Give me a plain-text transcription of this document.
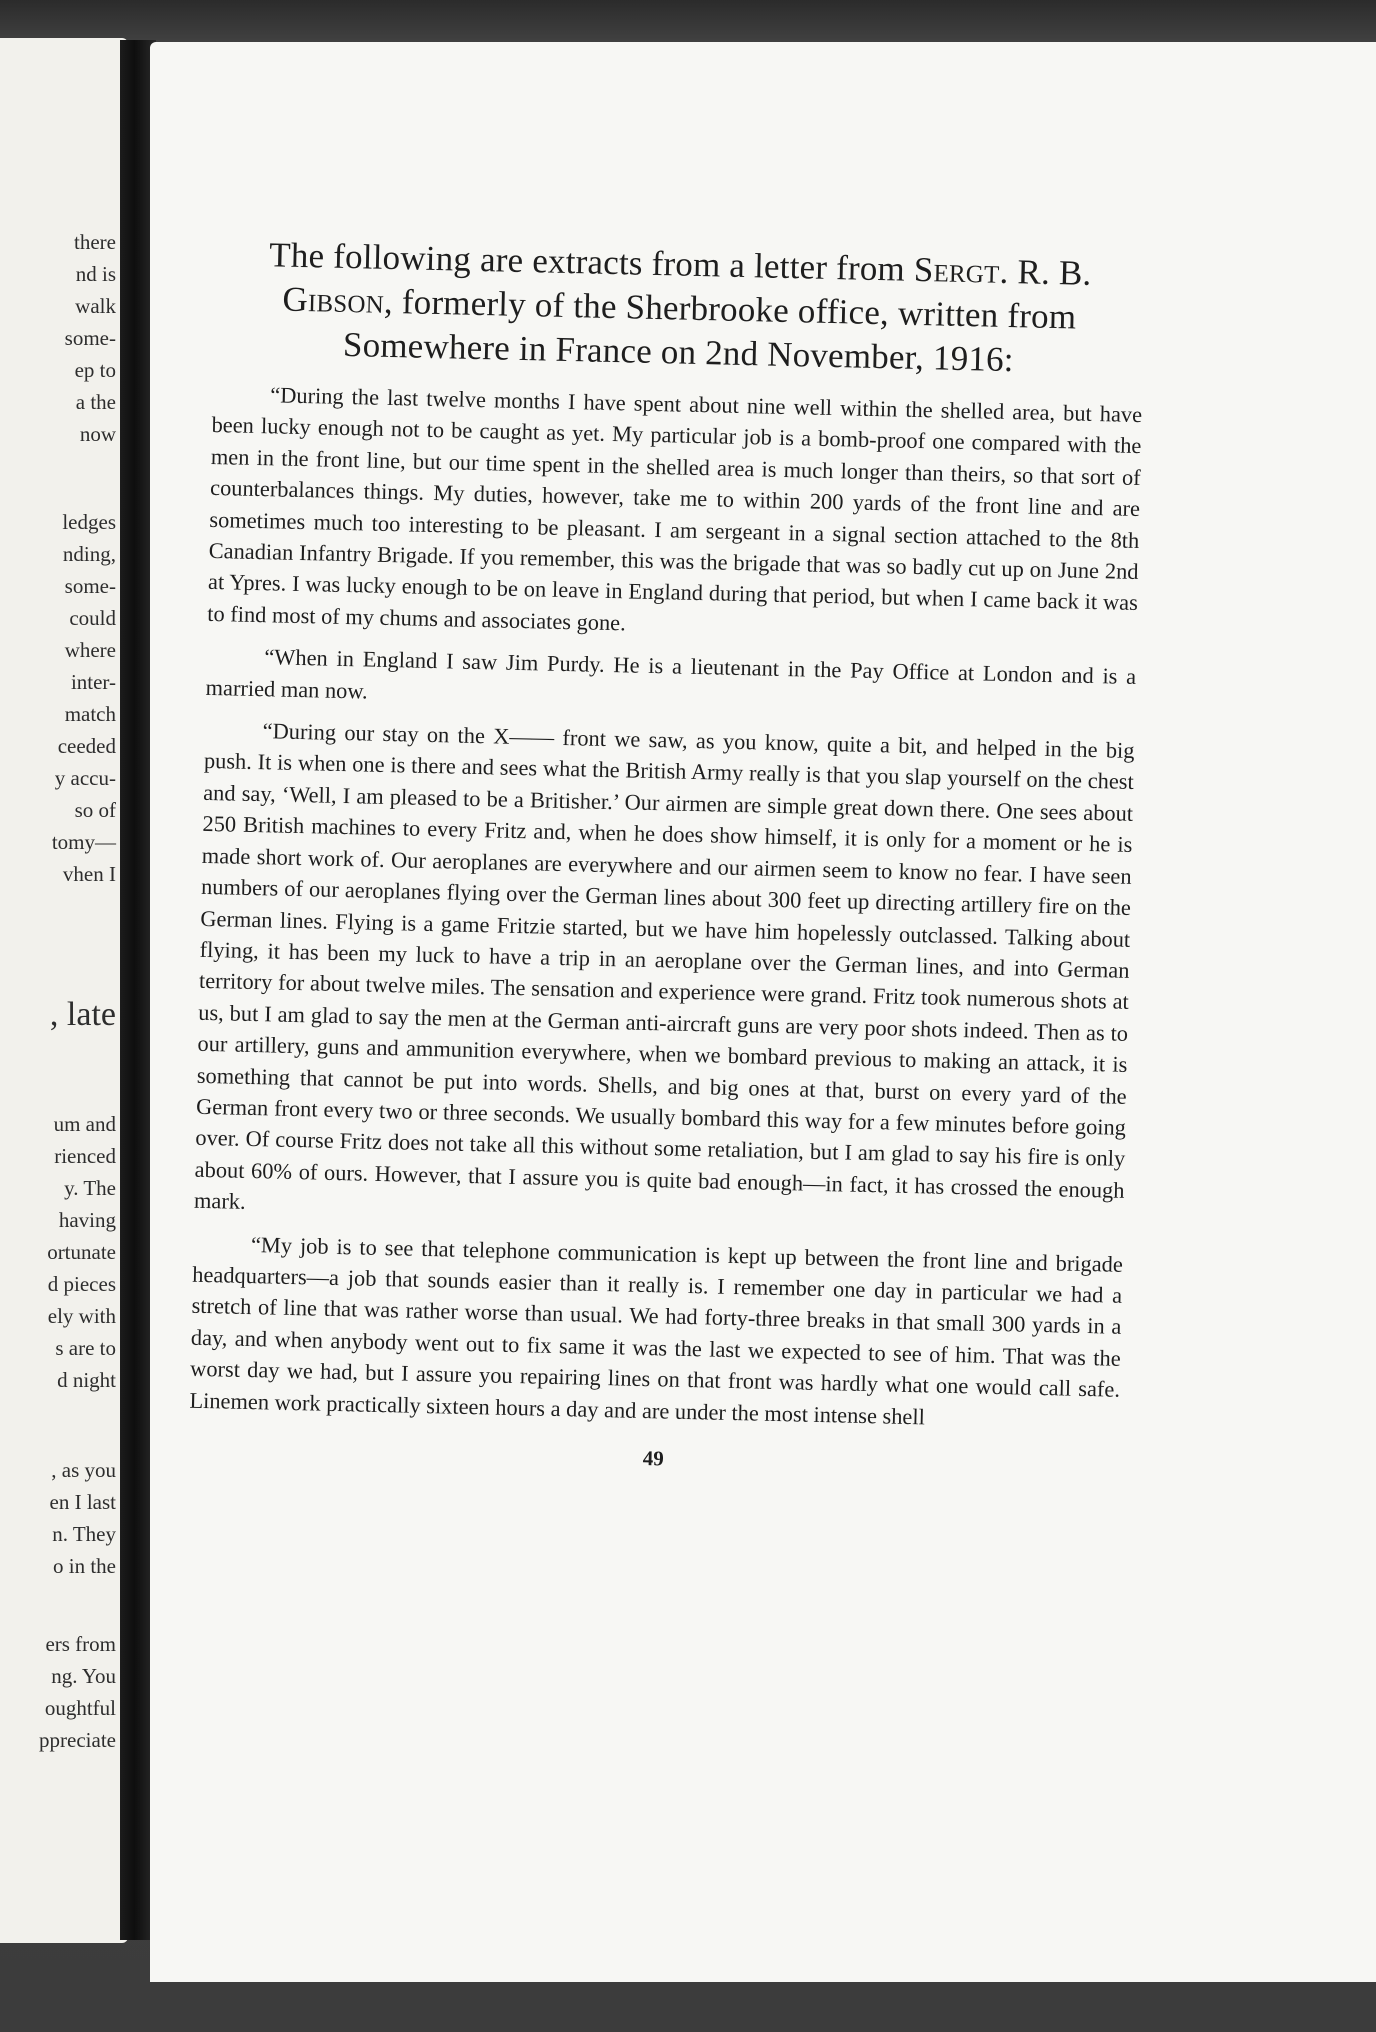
there
nd is
walk
some-
ep to
a the
now
ledges
nding,
some-
could
where
inter-
match
ceeded
y accu-
so of
tomy—
vhen I
, late
um and
rienced
y. The
having
ortunate
d pieces
ely with
s are to
d night
, as you
en I last
n. They
o in the
ers from
ng. You
oughtful
ppreciate
The following are extracts from a letter from Sergt. R. B. Gibson, formerly of the Sherbrooke office, written from Somewhere in France on 2nd November, 1916:

“During the last twelve months I have spent about nine well within the shelled area, but have been lucky enough not to be caught as yet. My particular job is a bomb-proof one compared with the men in the front line, but our time spent in the shelled area is much longer than theirs, so that sort of counterbalances things. My duties, however, take me to within 200 yards of the front line and are sometimes much too interesting to be pleasant. I am sergeant in a signal section attached to the 8th Canadian Infantry Brigade. If you remember, this was the brigade that was so badly cut up on June 2nd at Ypres. I was lucky enough to be on leave in England during that period, but when I came back it was to find most of my chums and associates gone.

“When in England I saw Jim Purdy. He is a lieutenant in the Pay Office at London and is a married man now.

“During our stay on the X—— front we saw, as you know, quite a bit, and helped in the big push. It is when one is there and sees what the British Army really is that you slap yourself on the chest and say, ‘Well, I am pleased to be a Britisher.’ Our airmen are simple great down there. One sees about 250 British machines to every Fritz and, when he does show himself, it is only for a moment or he is made short work of. Our aeroplanes are everywhere and our airmen seem to know no fear. I have seen numbers of our aeroplanes flying over the German lines about 300 feet up directing artillery fire on the German lines. Flying is a game Fritzie started, but we have him hopelessly outclassed. Talking about flying, it has been my luck to have a trip in an aeroplane over the German lines, and into German territory for about twelve miles. The sensation and experience were grand. Fritz took numerous shots at us, but I am glad to say the men at the German anti-aircraft guns are very poor shots indeed. Then as to our artillery, guns and ammunition everywhere, when we bombard previous to making an attack, it is something that cannot be put into words. Shells, and big ones at that, burst on every yard of the German front every two or three seconds. We usually bombard this way for a few minutes before going over. Of course Fritz does not take all this without some retaliation, but I am glad to say his fire is only about 60% of ours. However, that I assure you is quite bad enough—in fact, it has crossed the enough mark.

“My job is to see that telephone communication is kept up between the front line and brigade headquarters—a job that sounds easier than it really is. I remember one day in particular we had a stretch of line that was rather worse than usual. We had forty-three breaks in that small 300 yards in a day, and when anybody went out to fix same it was the last we expected to see of him. That was the worst day we had, but I assure you repairing lines on that front was hardly what one would call safe. Linemen work practically sixteen hours a day and are under the most intense shell

49
